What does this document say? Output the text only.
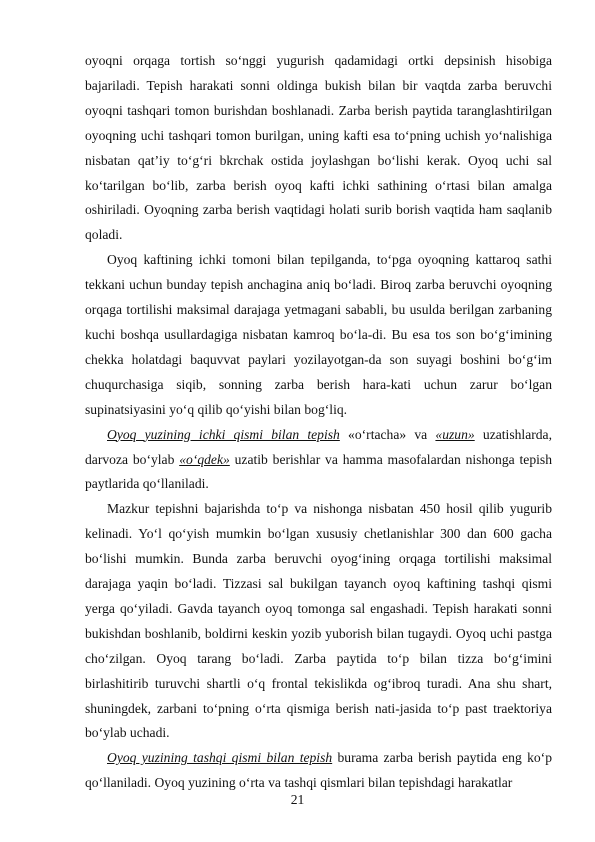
oyoqni orqaga tortish so‘nggi yugurish qadamidagi ortki depsinish hisobiga bajariladi. Tepish harakati sonni oldinga bukish bilan bir vaqtda zarba beruvchi oyoqni tashqari tomon burishdan boshlanadi. Zarba berish paytida taranglashtirilgan oyoqning uchi tashqari tomon burilgan, uning kafti esa to‘pning uchish yo‘nalishiga nisbatan qat’iy to‘g‘ri bkrchak ostida joylashgan bo‘lishi kerak. Oyoq uchi sal ko‘tarilgan bo‘lib, zarba berish oyoq kafti ichki sathining o‘rtasi bilan amalga oshiriladi. Oyoqning zarba berish vaqtidagi holati surib borish vaqtida ham saqlanib qoladi.

Oyoq kaftining ichki tomoni bilan tepilganda, to‘pga oyoqning kattaroq sathi tekkani uchun bunday tepish anchagina aniq bo‘ladi. Biroq zarba beruvchi oyoqning orqaga tortilishi maksimal darajaga yetmagani sababli, bu usulda berilgan zarbaning kuchi boshqa usullardagiga nisbatan kamroq bo‘la-di. Bu esa tos son bo‘g‘imining chekka holatdagi baquvvat paylari yozilayotgan-da son suyagi boshini bo‘g‘im chuqurchasiga siqib, sonning zarba berish hara-kati uchun zarur bo‘lgan supinatsiyasini yo‘q qilib qo‘yishi bilan bog‘liq.

Oyoq yuzining ichki qismi bilan tepish «o‘rtacha» va «uzun» uzatishlarda, darvoza bo‘ylab «o‘qdek» uzatib berishlar va hamma masofalardan nishonga tepish paytlarida qo‘llaniladi.

Mazkur tepishni bajarishda to‘p va nishonga nisbatan 450 hosil qilib yugurib kelinadi. Yo‘l qo‘yish mumkin bo‘lgan xususiy chetlanishlar 300 dan 600 gacha bo‘lishi mumkin. Bunda zarba beruvchi oyog‘ining orqaga tortilishi maksimal darajaga yaqin bo‘ladi. Tizzasi sal bukilgan tayanch oyoq kaftining tashqi qismi yerga qo‘yiladi. Gavda tayanch oyoq tomonga sal engashadi. Tepish harakati sonni bukishdan boshlanib, boldirni keskin yozib yuborish bilan tugaydi. Oyoq uchi pastga cho‘zilgan. Oyoq tarang bo‘ladi. Zarba paytida to‘p bilan tizza bo‘g‘imini birlashitirib turuvchi shartli o‘q frontal tekislikda og‘ibroq turadi. Ana shu shart, shuningdek, zarbani to‘pning o‘rta qismiga berish nati-jasida to‘p past traektoriya bo‘ylab uchadi.

Oyoq yuzining tashqi qismi bilan tepish burama zarba berish paytida eng ko‘p qo‘llaniladi. Oyoq yuzining o‘rta va tashqi qismlari bilan tepishdagi harakatlar

21
